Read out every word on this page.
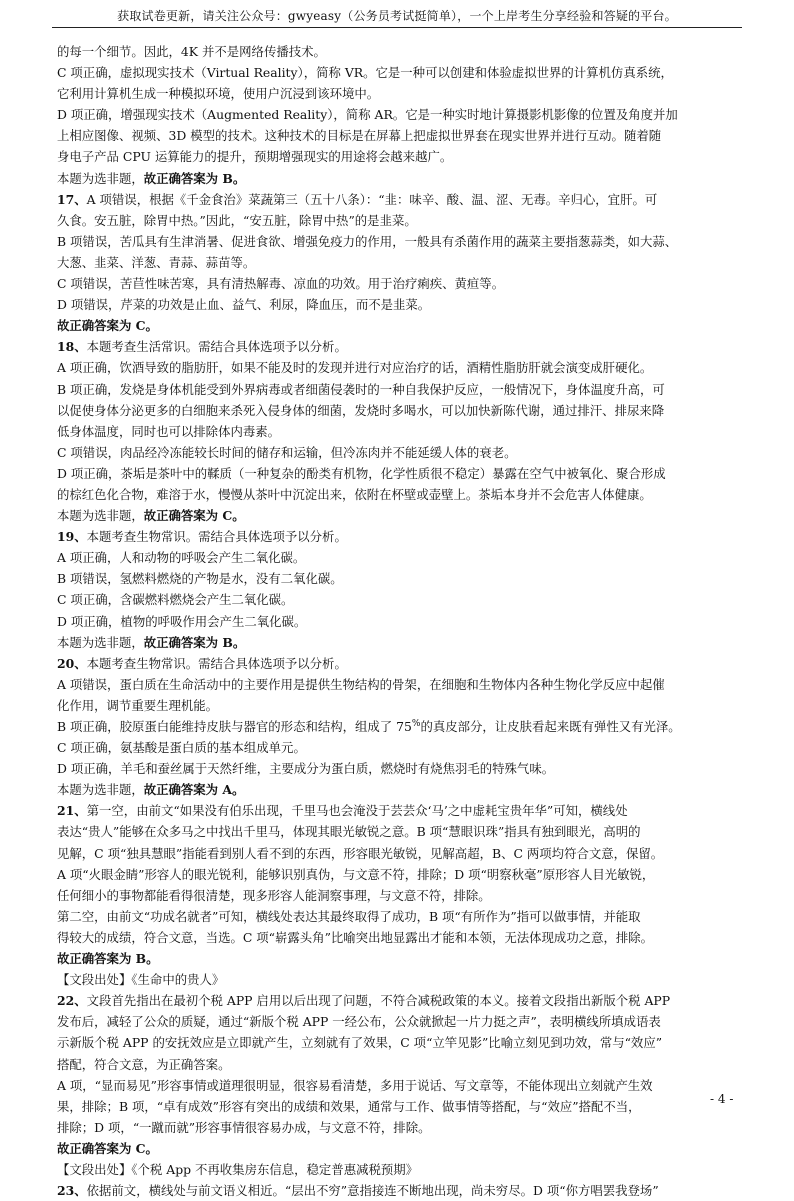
获取试卷更新，请关注公众号：gwyeasy（公务员考试挺简单），一个上岸考生分享经验和答疑的平台。

的每一个细节。因此，4K 并不是网络传播技术。

C 项正确，虚拟现实技术（Virtual Reality），简称 VR。它是一种可以创建和体验虚拟世界的计算机仿真系统，

它利用计算机生成一种模拟环境，使用户沉浸到该环境中。

D 项正确，增强现实技术（Augmented Reality），简称 AR。它是一种实时地计算摄影机影像的位置及角度并加

上相应图像、视频、3D 模型的技术。这种技术的目标是在屏幕上把虚拟世界套在现实世界并进行互动。随着随

身电子产品 CPU 运算能力的提升，预期增强现实的用途将会越来越广。

本题为选非题，故正确答案为 B。

17、A 项错误，根据《千金食治》菜蔬第三（五十八条）：“韭：味辛、酸、温、涩、无毒。辛归心，宜肝。可

久食。安五脏，除胃中热。”因此，“安五脏，除胃中热”的是韭菜。

B 项错误，苦瓜具有生津消暑、促进食欲、增强免疫力的作用，一般具有杀菌作用的蔬菜主要指葱蒜类，如大蒜、

大葱、韭菜、洋葱、青蒜、蒜苗等。

C 项错误，苦苣性味苦寒，具有清热解毒、凉血的功效。用于治疗痢疾、黄疸等。

D 项错误，芹菜的功效是止血、益气、利尿，降血压，而不是韭菜。

故正确答案为 C。

18、本题考查生活常识。需结合具体选项予以分析。

A 项正确，饮酒导致的脂肪肝，如果不能及时的发现并进行对应治疗的话，酒精性脂肪肝就会演变成肝硬化。

B 项正确，发烧是身体机能受到外界病毒或者细菌侵袭时的一种自我保护反应，一般情况下，身体温度升高，可

以促使身体分泌更多的白细胞来杀死入侵身体的细菌，发烧时多喝水，可以加快新陈代谢，通过排汗、排尿来降

低身体温度，同时也可以排除体内毒素。

C 项错误，肉品经冷冻能较长时间的储存和运输，但冷冻肉并不能延缓人体的衰老。

D 项正确，茶垢是茶叶中的鞣质（一种复杂的酚类有机物，化学性质很不稳定）暴露在空气中被氧化、聚合形成

的棕红色化合物，难溶于水，慢慢从茶叶中沉淀出来，依附在杯壁或壶壁上。茶垢本身并不会危害人体健康。

本题为选非题，故正确答案为 C。

19、本题考查生物常识。需结合具体选项予以分析。

A 项正确，人和动物的呼吸会产生二氧化碳。

B 项错误，氢燃料燃烧的产物是水，没有二氧化碳。

C 项正确，含碳燃料燃烧会产生二氧化碳。

D 项正确，植物的呼吸作用会产生二氧化碳。

本题为选非题，故正确答案为 B。

20、本题考查生物常识。需结合具体选项予以分析。

A 项错误，蛋白质在生命活动中的主要作用是提供生物结构的骨架，在细胞和生物体内各种生物化学反应中起催

化作用，调节重要生理机能。

B 项正确，胶原蛋白能维持皮肤与器官的形态和结构，组成了 75%的真皮部分，让皮肤看起来既有弹性又有光泽。

C 项正确，氨基酸是蛋白质的基本组成单元。

D 项正确，羊毛和蚕丝属于天然纤维，主要成分为蛋白质，燃烧时有烧焦羽毛的特殊气味。

本题为选非题，故正确答案为 A。

21、第一空，由前文“如果没有伯乐出现，千里马也会淹没于芸芸众‘马’之中虚耗宝贵年华”可知，横线处

表达“贵人”能够在众多马之中找出千里马，体现其眼光敏锐之意。B 项“慧眼识珠”指具有独到眼光，高明的

见解，C 项“独具慧眼”指能看到别人看不到的东西，形容眼光敏锐，见解高超，B、C 两项均符合文意，保留。

A 项“火眼金睛”形容人的眼光锐利，能够识别真伪，与文意不符，排除；D 项“明察秋毫”原形容人目光敏锐，

任何细小的事物都能看得很清楚，现多形容人能洞察事理，与文意不符，排除。

第二空，由前文“功成名就者”可知，横线处表达其最终取得了成功，B 项“有所作为”指可以做事情，并能取

得较大的成绩，符合文意，当选。C 项“崭露头角”比喻突出地显露出才能和本领，无法体现成功之意，排除。

故正确答案为 B。

【文段出处】《生命中的贵人》

22、文段首先指出在最初个税 APP 启用以后出现了问题，不符合减税政策的本义。接着文段指出新版个税 APP

发布后，减轻了公众的质疑，通过“新版个税 APP 一经公布，公众就掀起一片力挺之声”，表明横线所填成语表

示新版个税 APP 的安抚效应是立即就产生，立刻就有了效果，C 项“立竿见影”比喻立刻见到功效，常与“效应”

搭配，符合文意，为正确答案。

A 项，“显而易见”形容事情或道理很明显，很容易看清楚，多用于说话、写文章等，不能体现出立刻就产生效

果，排除；B 项，“卓有成效”形容有突出的成绩和效果，通常与工作、做事情等搭配，与“效应”搭配不当，

排除；D 项，“一蹴而就”形容事情很容易办成，与文意不符，排除。

故正确答案为 C。

【文段出处】《个税 App 不再收集房东信息，稳定普惠减税预期》

23、依据前文，横线处与前文语义相近。“层出不穷”意指接连不断地出现，尚未穷尽。D 项“你方唱罢我登场”

- 4 -
